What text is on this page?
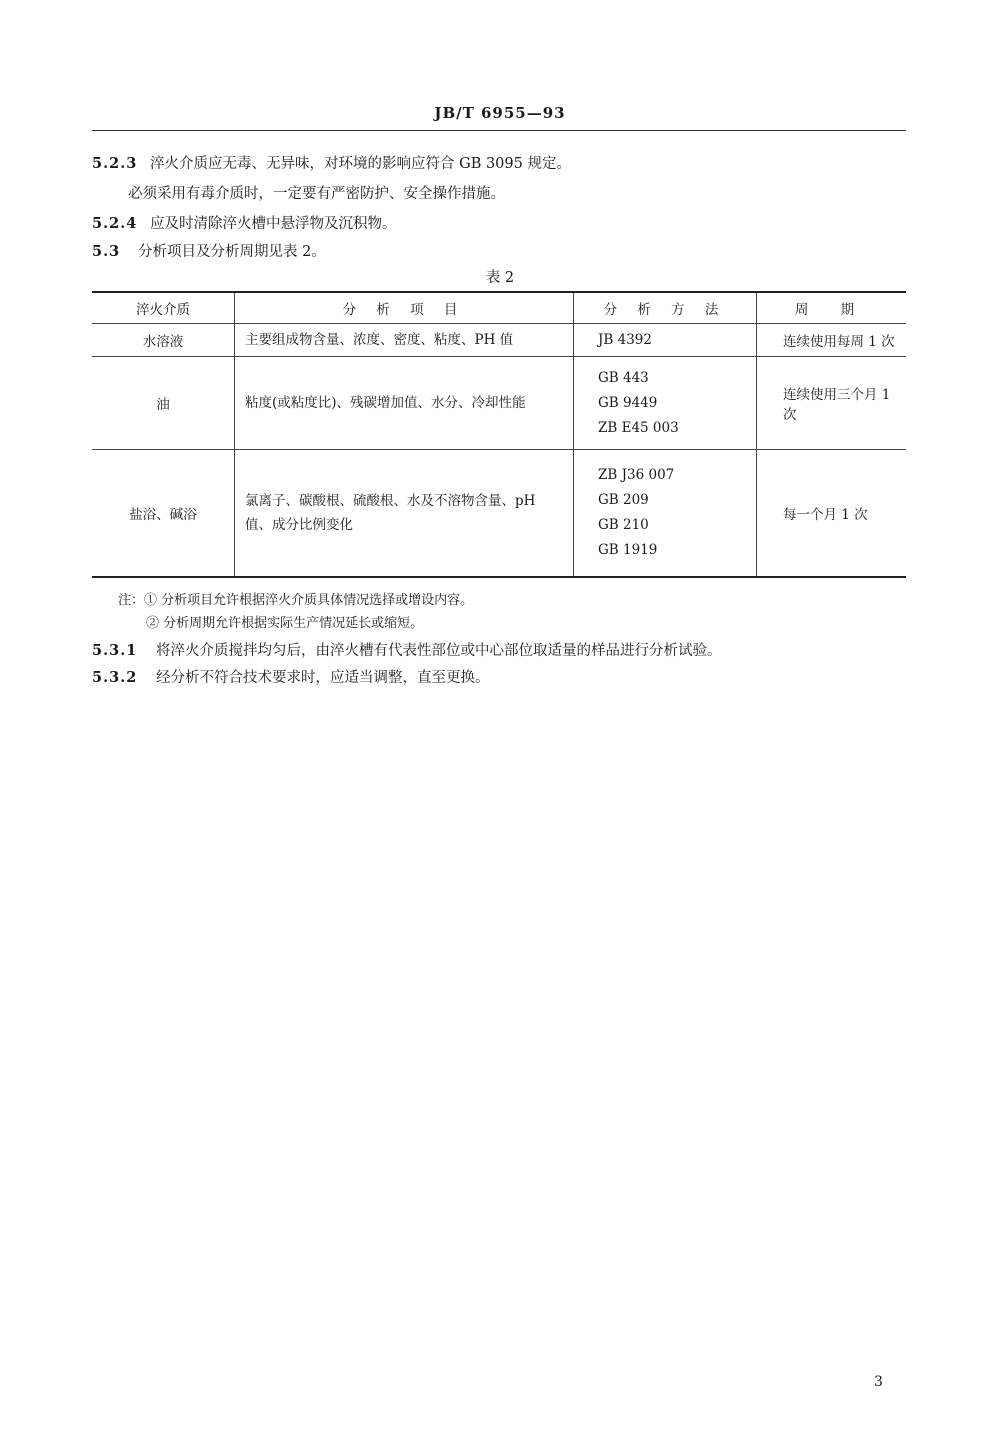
JB/T 6955—93
5.2.3 淬火介质应无毒、无异味，对环境的影响应符合 GB 3095 规定。
必须采用有毒介质时，一定要有严密防护、安全操作措施。
5.2.4 应及时清除淬火槽中悬浮物及沉积物。
5.3 分析项目及分析周期见表 2。
表 2
淬火介质	分 析 项 目	分 析 方 法	周 期
水溶液	主要组成物含量、浓度、密度、粘度、PH 值	JB 4392	连续使用每周 1 次
油	粘度(或粘度比)、残碳增加值、水分、冷却性能	GB 443
GB 9449
ZB E45 003	连续使用三个月 1 次
盐浴、碱浴	氯离子、碳酸根、硫酸根、水及不溶物含量、pH 值、成分比例变化	ZB J36 007
GB 209
GB 210
GB 1919	每一个月 1 次
注：① 分析项目允许根据淬火介质具体情况选择或增设内容。
② 分析周期允许根据实际生产情况延长或缩短。
5.3.1 将淬火介质搅拌均匀后，由淬火槽有代表性部位或中心部位取适量的样品进行分析试验。
5.3.2 经分析不符合技术要求时，应适当调整，直至更换。
3
